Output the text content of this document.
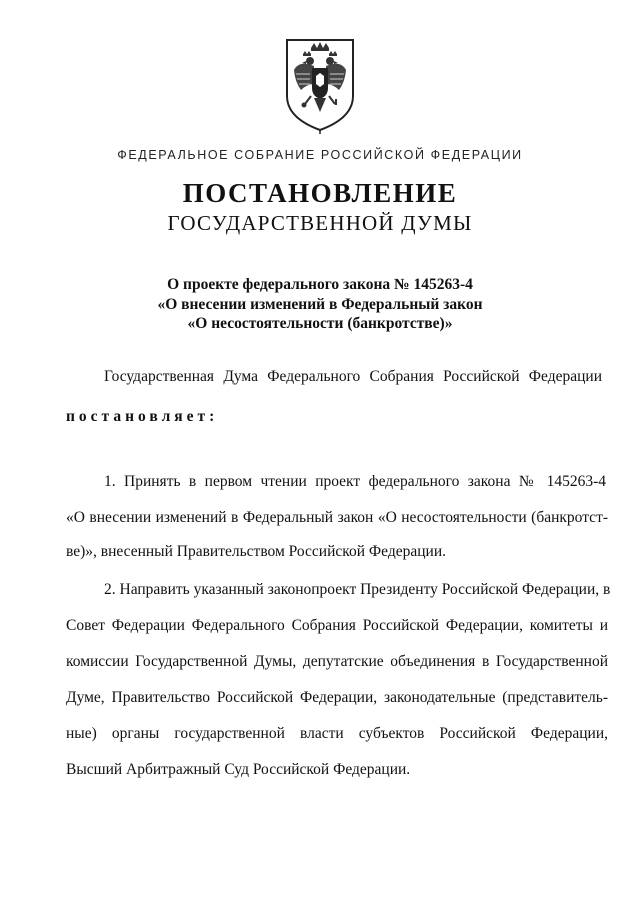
ФЕДЕРАЛЬНОЕ СОБРАНИЕ РОССИЙСКОЙ ФЕДЕРАЦИИ
ПОСТАНОВЛЕНИЕ
ГОСУДАРСТВЕННОЙ ДУМЫ
О проекте федерального закона № 145263-4
«О внесении изменений в Федеральный закон
«О несостоятельности (банкротстве)»
Государственная Дума Федерального Собрания Российской Федерации
постановляет:
1. Принять в первом чтении проект федерального закона № 145263-4
«О внесении изменений в Федеральный закон «О несостоятельности (банкротст-
ве)», внесенный Правительством Российской Федерации.
2. Направить указанный законопроект Президенту Российской Федерации, в
Совет Федерации Федерального Собрания Российской Федерации, комитеты и
комиссии Государственной Думы, депутатские объединения в Государственной
Думе, Правительство Российской Федерации, законодательные (представитель-
ные) органы государственной власти субъектов Российской Федерации,
Высший Арбитражный Суд Российской Федерации.
